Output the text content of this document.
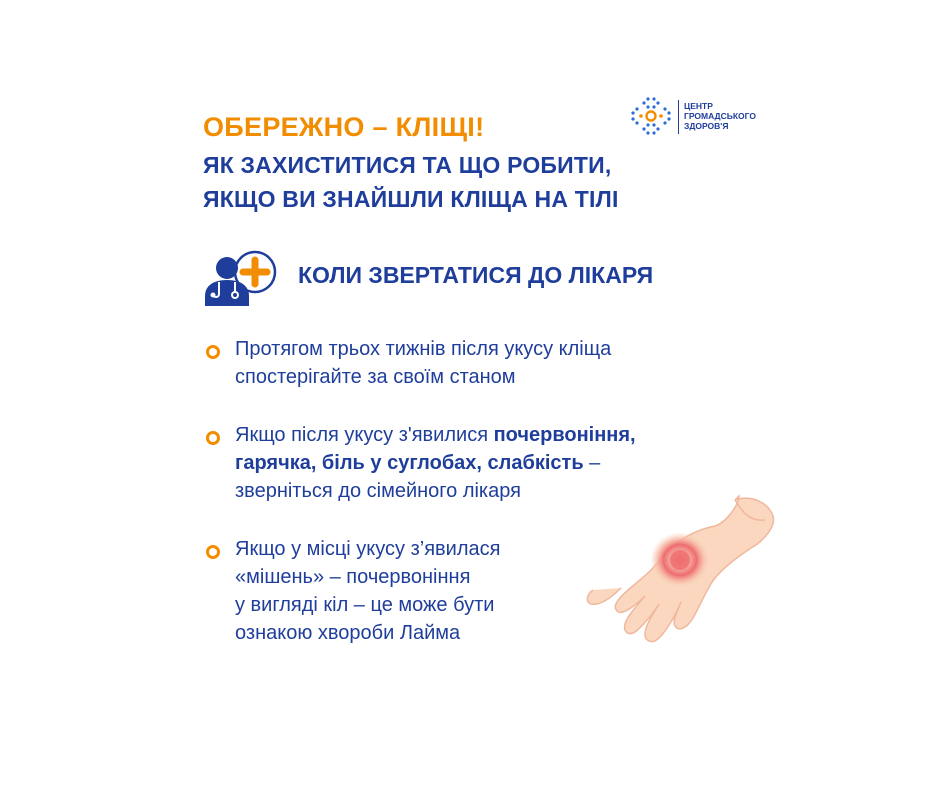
ОБЕРЕЖНО – КЛІЩІ!
ЯК ЗАХИСТИТИСЯ ТА ЩО РОБИТИ,
ЯКЩО ВИ ЗНАЙШЛИ КЛІЩА НА ТІЛІ
ЦЕНТР
ГРОМАДСЬКОГО
ЗДОРОВ'Я
КОЛИ ЗВЕРТАТИСЯ ДО ЛІКАРЯ
Протягом трьох тижнів після укусу кліща
спостерігайте за своїм станом
Якщо після укусу з'явилися почервоніння,
гарячка, біль у суглобах, слабкість –
зверніться до сімейного лікаря
Якщо у місці укусу з’явилася
«мішень» – почервоніння
у вигляді кіл – це може бути
ознакою хвороби Лайма
